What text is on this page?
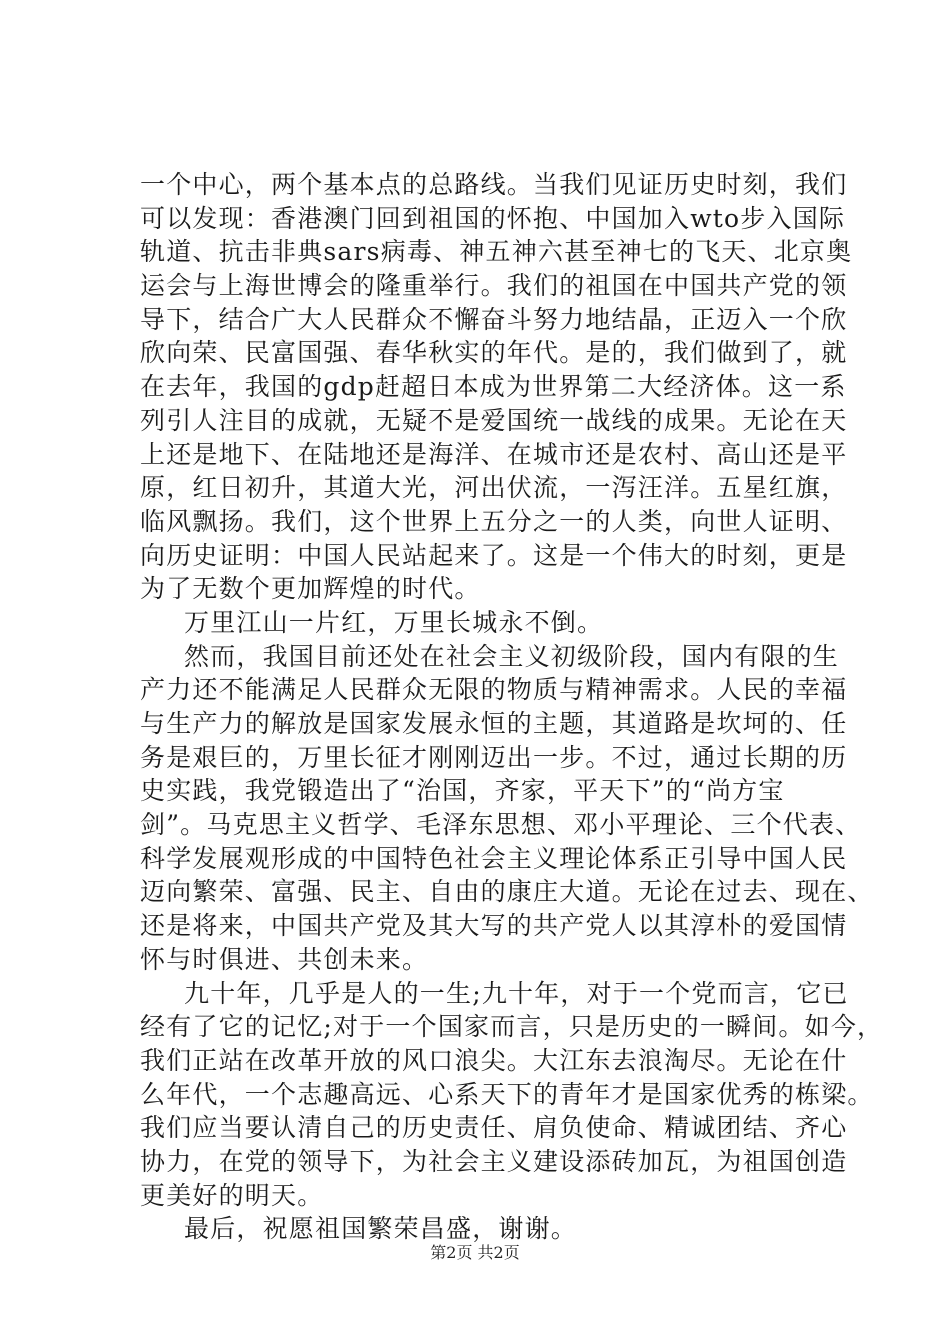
一个中心，两个基本点的总路线。当我们见证历史时刻，我们
可以发现：香港澳门回到祖国的怀抱、中国加入wto步入国际
轨道、抗击非典sars病毒、神五神六甚至神七的飞天、北京奥
运会与上海世博会的隆重举行。我们的祖国在中国共产党的领
导下，结合广大人民群众不懈奋斗努力地结晶，正迈入一个欣
欣向荣、民富国强、春华秋实的年代。是的，我们做到了，就
在去年，我国的gdp赶超日本成为世界第二大经济体。这一系
列引人注目的成就，无疑不是爱国统一战线的成果。无论在天
上还是地下、在陆地还是海洋、在城市还是农村、高山还是平
原，红日初升，其道大光，河出伏流，一泻汪洋。五星红旗，
临风飘扬。我们，这个世界上五分之一的人类，向世人证明、
向历史证明：中国人民站起来了。这是一个伟大的时刻，更是
为了无数个更加辉煌的时代。
万里江山一片红，万里长城永不倒。
然而，我国目前还处在社会主义初级阶段，国内有限的生
产力还不能满足人民群众无限的物质与精神需求。人民的幸福
与生产力的解放是国家发展永恒的主题，其道路是坎坷的、任
务是艰巨的，万里长征才刚刚迈出一步。不过，通过长期的历
史实践，我党锻造出了“治国，齐家，平天下”的“尚方宝
剑”。马克思主义哲学、毛泽东思想、邓小平理论、三个代表、
科学发展观形成的中国特色社会主义理论体系正引导中国人民
迈向繁荣、富强、民主、自由的康庄大道。无论在过去、现在、
还是将来，中国共产党及其大写的共产党人以其淳朴的爱国情
怀与时俱进、共创未来。
九十年，几乎是人的一生;九十年，对于一个党而言，它已
经有了它的记忆;对于一个国家而言，只是历史的一瞬间。如今，
我们正站在改革开放的风口浪尖。大江东去浪淘尽。无论在什
么年代，一个志趣高远、心系天下的青年才是国家优秀的栋梁。
我们应当要认清自己的历史责任、肩负使命、精诚团结、齐心
协力，在党的领导下，为社会主义建设添砖加瓦，为祖国创造
更美好的明天。
最后，祝愿祖国繁荣昌盛，谢谢。
第2页 共2页
